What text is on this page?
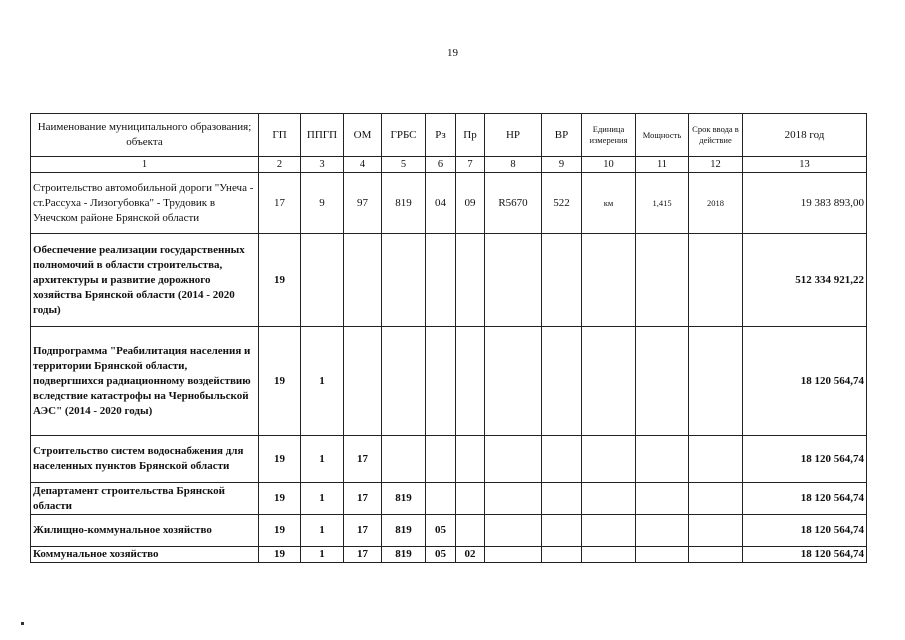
19
Наименование муниципального образования; объекта	ГП	ППГП	ОМ	ГРБС	Рз	Пр	НР	ВР	Единица измерения	Мощность	Срок ввода в действие	2018 год
1	2	3	4	5	6	7	8	9	10	11	12	13
Строительство автомобильной дороги "Унеча - ст.Рассуха - Лизогубовка" - Трудовик в Унечском районе Брянской области	17	9	97	819	04	09	R5670	522	км	1,415	2018	19 383 893,00
Обеспечение реализации государственных полномочий в области строительства, архитектуры и развитие дорожного хозяйства Брянской области (2014 - 2020 годы)	19											512 334 921,22
Подпрограмма "Реабилитация населения и территории Брянской области, подвергшихся радиационному воздействию вследствие катастрофы на Чернобыльской АЭС" (2014 - 2020 годы)	19	1										18 120 564,74
Строительство систем водоснабжения для населенных пунктов Брянской области	19	1	17									18 120 564,74
Департамент строительства Брянской области	19	1	17	819								18 120 564,74
Жилищно-коммунальное хозяйство	19	1	17	819	05							18 120 564,74
Коммунальное хозяйство	19	1	17	819	05	02						18 120 564,74
